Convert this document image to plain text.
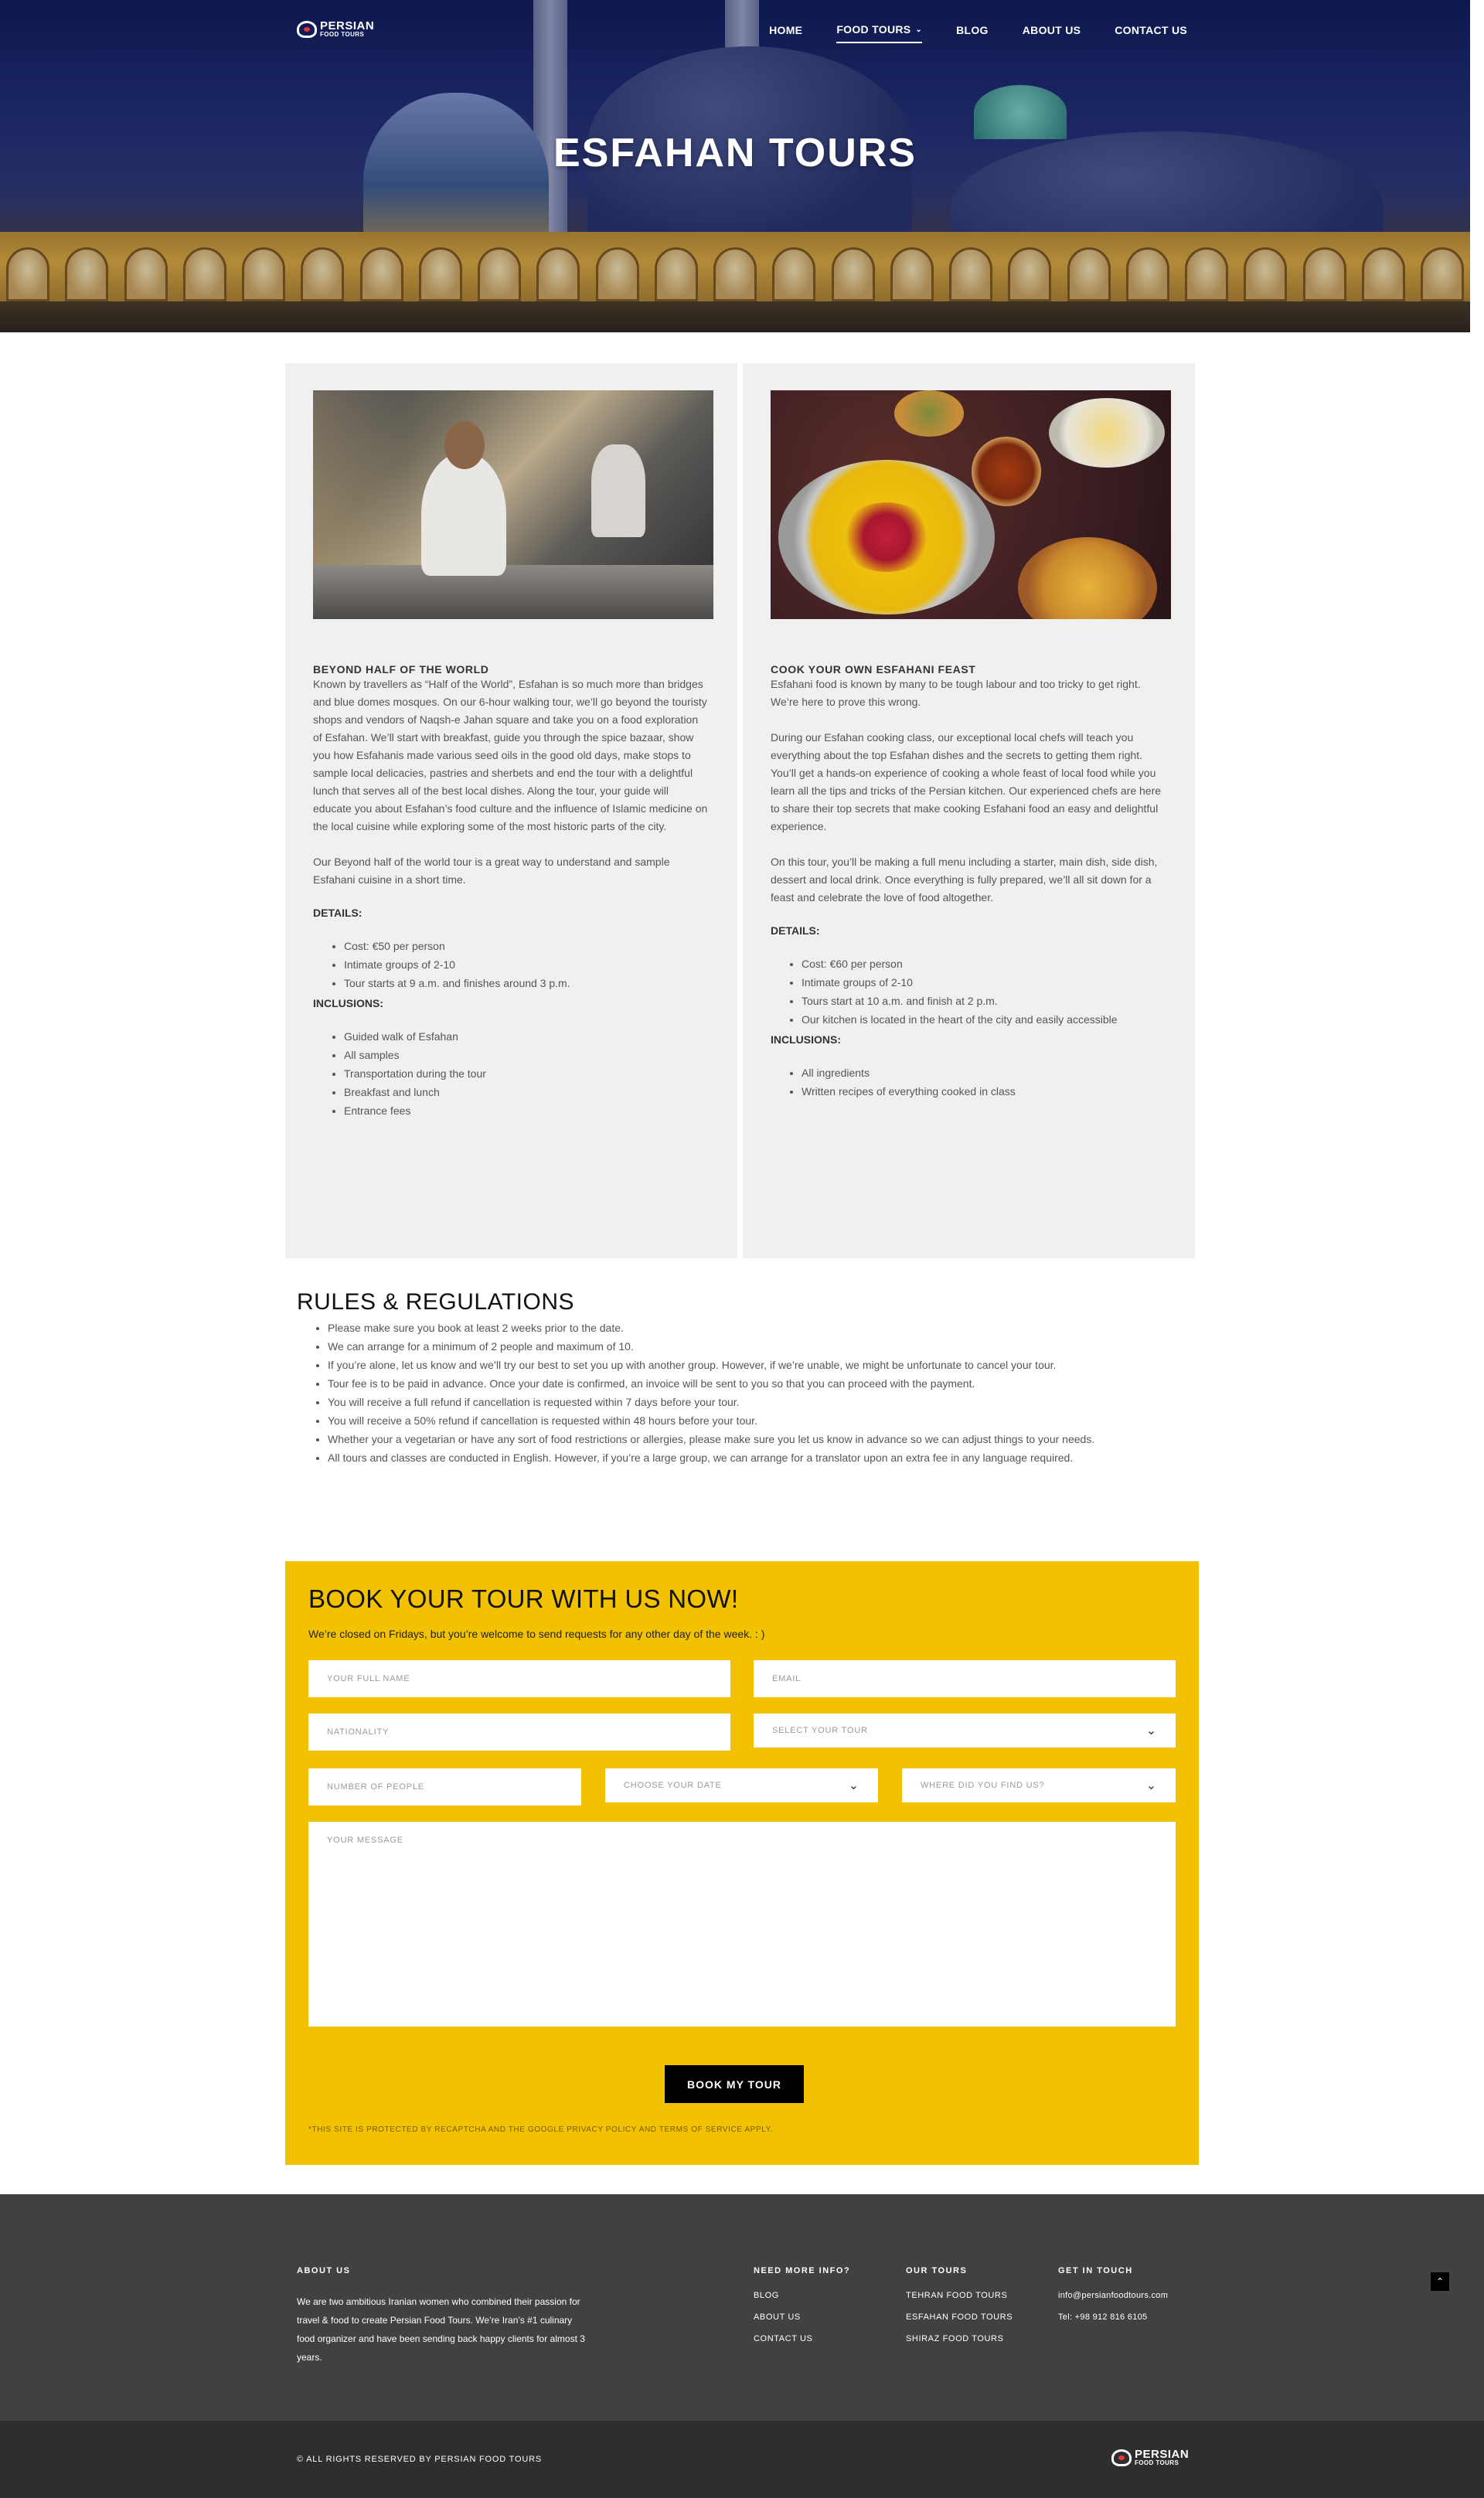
PERSIAN
FOOD TOURS	HOME	FOOD TOURS ⌄	BLOG	ABOUT US	CONTACT US
ESFAHAN TOURS
BEYOND HALF OF THE WORLD

Known by travellers as “Half of the World”, Esfahan is so much more than bridges and blue domes mosques. On our 6-hour walking tour, we’ll go beyond the touristy shops and vendors of Naqsh-e Jahan square and take you on a food exploration of Esfahan. We’ll start with breakfast, guide you through the spice bazaar, show you how Esfahanis made various seed oils in the good old days, make stops to sample local delicacies, pastries and sherbets and end the tour with a delightful lunch that serves all of the best local dishes. Along the tour, your guide will educate you about Esfahan’s food culture and the influence of Islamic medicine on the local cuisine while exploring some of the most historic parts of the city.

Our Beyond half of the world tour is a great way to understand and sample Esfahani cuisine in a short time.

DETAILS:
• Cost: €50 per person
• Intimate groups of 2-10
• Tour starts at 9 a.m. and finishes around 3 p.m.
INCLUSIONS:
• Guided walk of Esfahan
• All samples
• Transportation during the tour
• Breakfast and lunch
• Entrance fees
COOK YOUR OWN ESFAHANI FEAST

Esfahani food is known by many to be tough labour and too tricky to get right. We’re here to prove this wrong.

During our Esfahan cooking class, our exceptional local chefs will teach you everything about the top Esfahan dishes and the secrets to getting them right. You’ll get a hands-on experience of cooking a whole feast of local food while you learn all the tips and tricks of the Persian kitchen. Our experienced chefs are here to share their top secrets that make cooking Esfahani food an easy and delightful experience.

On this tour, you’ll be making a full menu including a starter, main dish, side dish, dessert and local drink. Once everything is fully prepared, we’ll all sit down for a feast and celebrate the love of food altogether.

DETAILS:
• Cost: €60 per person
• Intimate groups of 2-10
• Tours start at 10 a.m. and finish at 2 p.m.
• Our kitchen is located in the heart of the city and easily accessible
INCLUSIONS:
• All ingredients
• Written recipes of everything cooked in class
RULES & REGULATIONS
• Please make sure you book at least 2 weeks prior to the date.
• We can arrange for a minimum of 2 people and maximum of 10.
• If you’re alone, let us know and we’ll try our best to set you up with another group. However, if we’re unable, we might be unfortunate to cancel your tour.
• Tour fee is to be paid in advance. Once your date is confirmed, an invoice will be sent to you so that you can proceed with the payment.
• You will receive a full refund if cancellation is requested within 7 days before your tour.
• You will receive a 50% refund if cancellation is requested within 48 hours before your tour.
• Whether your a vegetarian or have any sort of food restrictions or allergies, please make sure you let us know in advance so we can adjust things to your needs.
• All tours and classes are conducted in English. However, if you’re a large group, we can arrange for a translator upon an extra fee in any language required.
BOOK YOUR TOUR WITH US NOW!
We’re closed on Fridays, but you’re welcome to send requests for any other day of the week. : )
YOUR FULL NAME	EMAIL
NATIONALITY	SELECT YOUR TOUR	⌄
NUMBER OF PEOPLE	CHOOSE YOUR DATE	⌄	WHERE DID YOU FIND US?	⌄
YOUR MESSAGE
BOOK MY TOUR
*THIS SITE IS PROTECTED BY RECAPTCHA AND THE GOOGLE PRIVACY POLICY AND TERMS OF SERVICE APPLY.
ABOUT US
We are two ambitious Iranian women who combined their passion for travel & food to create Persian Food Tours. We’re Iran’s #1 culinary food organizer and have been sending back happy clients for almost 3 years.
NEED MORE INFO?
BLOG
ABOUT US
CONTACT US
OUR TOURS
TEHRAN FOOD TOURS
ESFAHAN FOOD TOURS
SHIRAZ FOOD TOURS
GET IN TOUCH
info@persianfoodtours.com
Tel: +98 912 816 6105
⌃
© ALL RIGHTS RESERVED BY PERSIAN FOOD TOURS	PERSIAN
FOOD TOURS
